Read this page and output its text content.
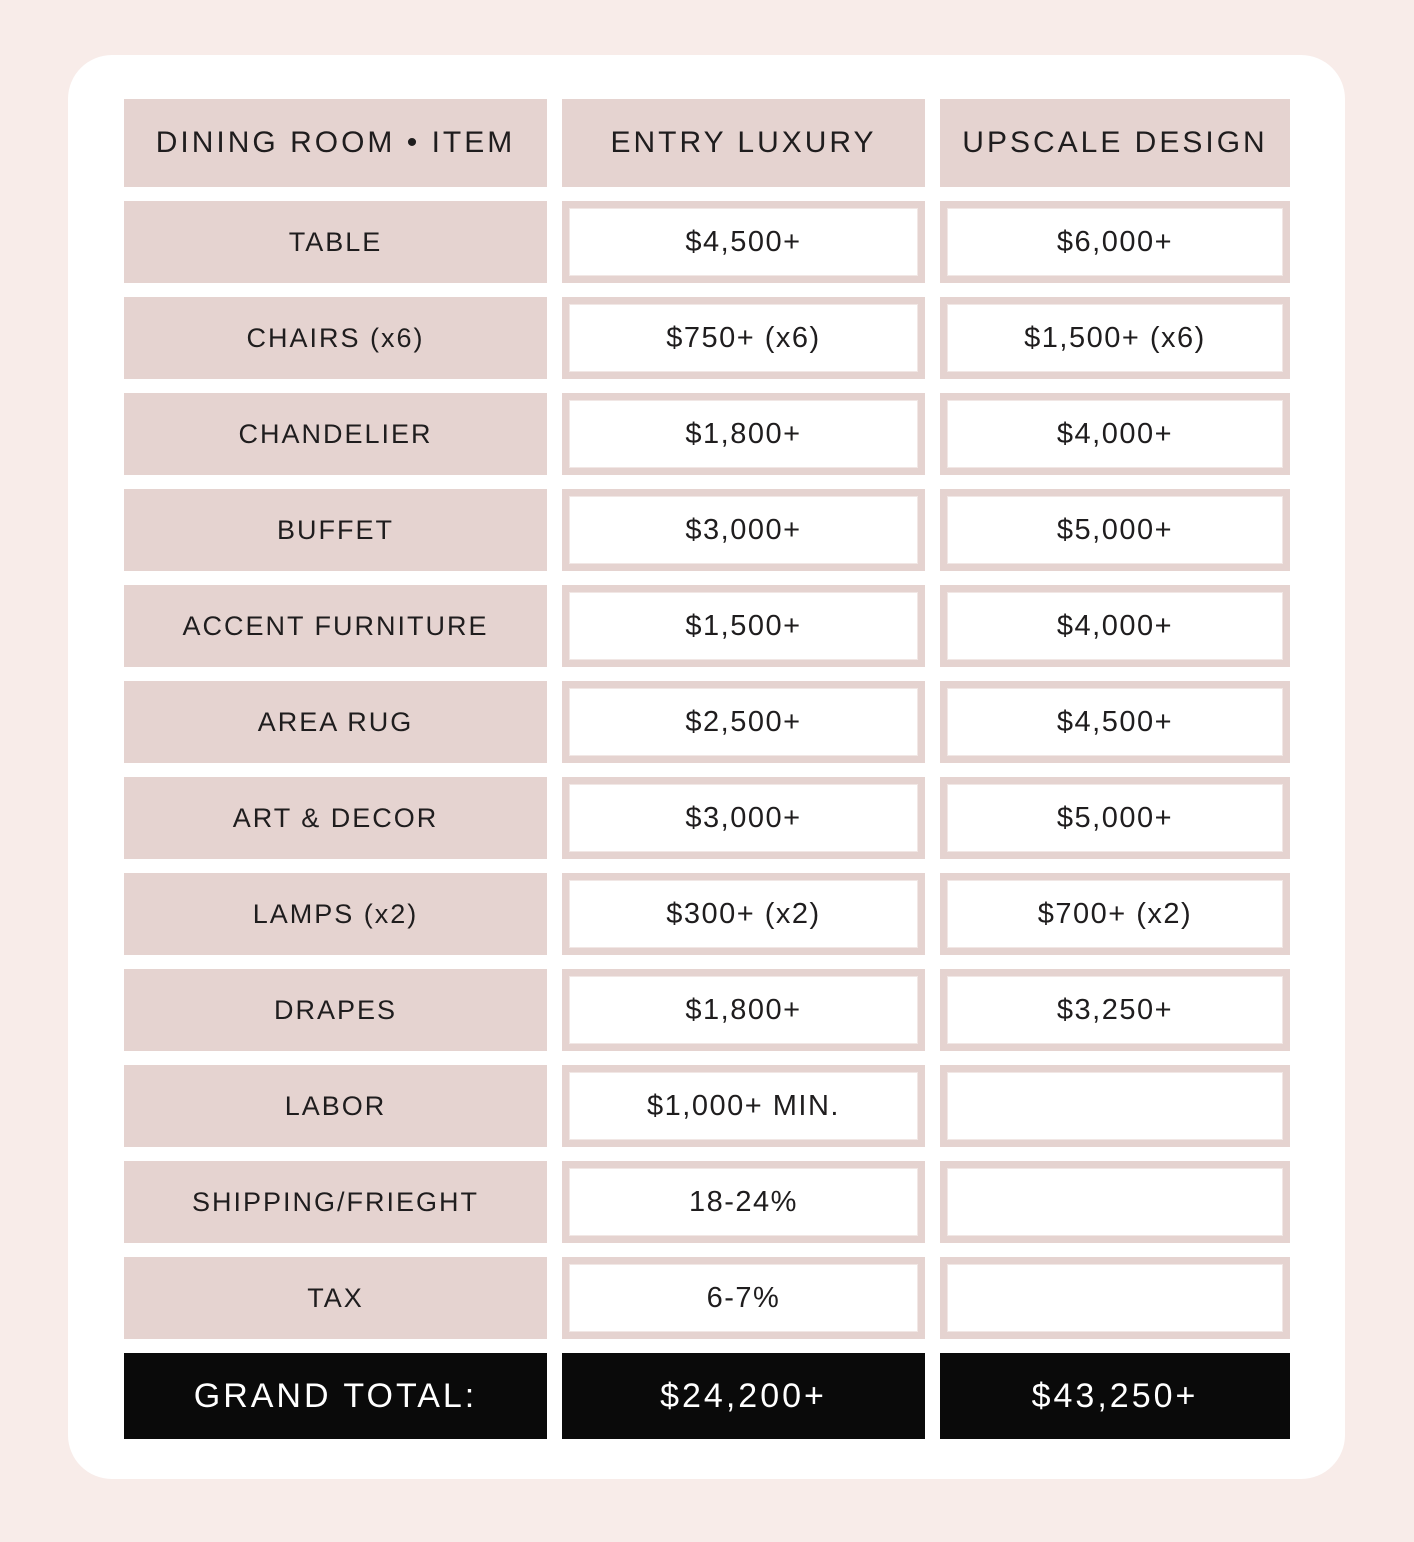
DINING ROOM • ITEM	ENTRY LUXURY	UPSCALE DESIGN
TABLE	$4,500+	$6,000+
CHAIRS (x6)	$750+ (x6)	$1,500+ (x6)
CHANDELIER	$1,800+	$4,000+
BUFFET	$3,000+	$5,000+
ACCENT FURNITURE	$1,500+	$4,000+
AREA RUG	$2,500+	$4,500+
ART & DECOR	$3,000+	$5,000+
LAMPS (x2)	$300+ (x2)	$700+ (x2)
DRAPES	$1,800+	$3,250+
LABOR	$1,000+ MIN.
SHIPPING/FRIEGHT	18-24%
TAX	6-7%
GRAND TOTAL:	$24,200+	$43,250+
